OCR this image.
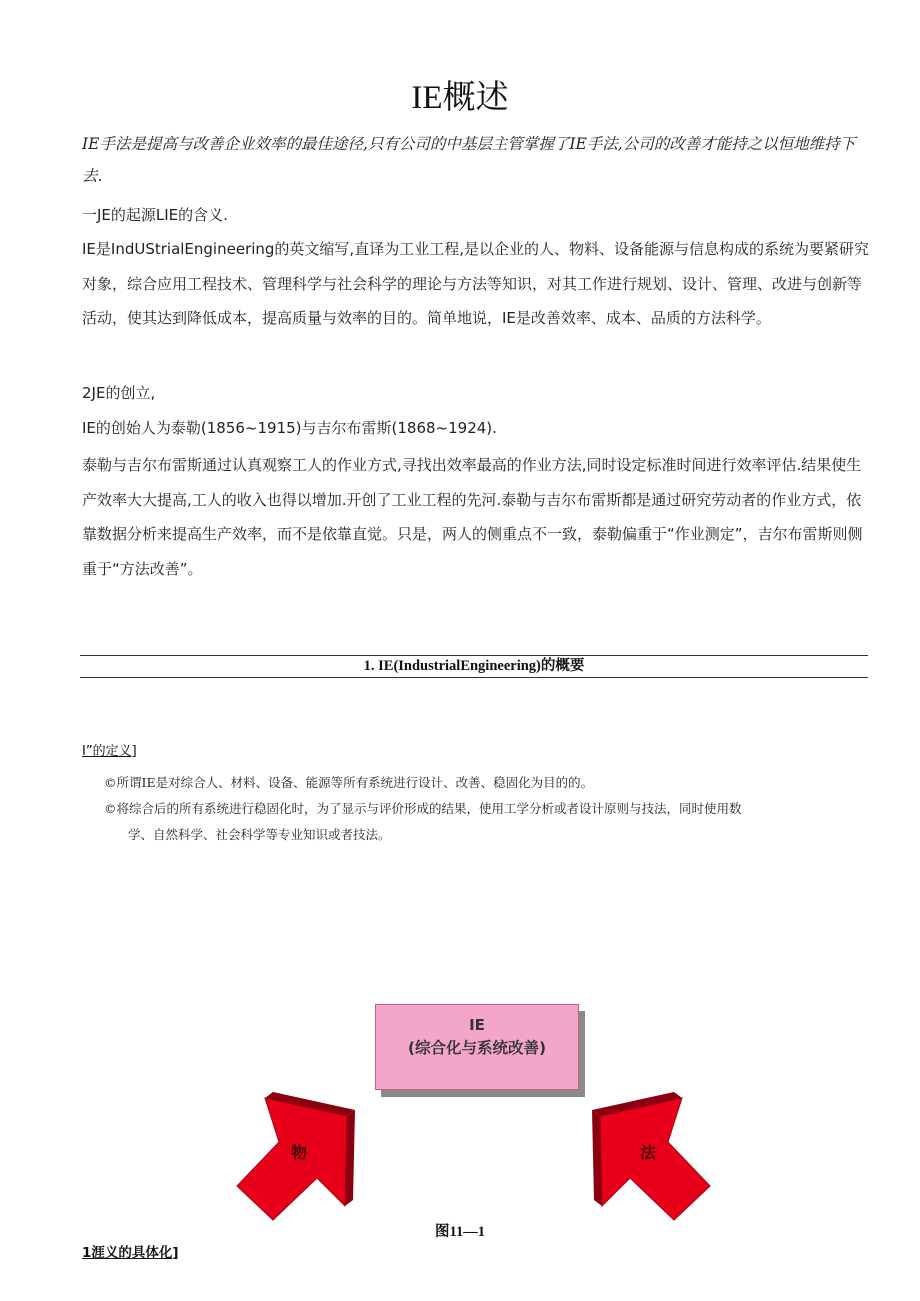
IE概述
IE手法是提高与改善企业效率的最佳途径,只有公司的中基层主管掌握了IE手法,公司的改善才能持之以恒地维持下去.
一JE的起源LIE的含义.
IE是IndUStrialEngineering的英文缩写,直译为工业工程,是以企业的人、物料、设备能源与信息构成的系统为要紧研究对象，综合应用工程技术、管理科学与社会科学的理论与方法等知识，对其工作进行规划、设计、管理、改进与创新等活动，使其达到降低成本，提高质量与效率的目的。简单地说，IE是改善效率、成本、品质的方法科学。
2JE的创立,
IE的创始人为泰勒(1856~1915)与吉尔布雷斯(1868~1924).
泰勒与吉尔布雷斯通过认真观察工人的作业方式,寻找出效率最高的作业方法,同时设定标准时间进行效率评估.结果使生产效率大大提高,工人的收入也得以增加.开创了工业工程的先河.泰勒与吉尔布雷斯都是通过研究劳动者的作业方式，依靠数据分析来提高生产效率，而不是依靠直觉。只是，两人的侧重点不一致，泰勒偏重于“作业测定”，吉尔布雷斯则侧重于“方法改善”。
1. IE(IndustrialEngineering)的概要
I”的定义]
©所谓IE是对综合人、材料、设备、能源等所有系统进行设计、改善、稳固化为目的的。
©将综合后的所有系统进行稳固化时，为了显示与评价形成的结果，使用工学分析或者设计原则与技法，同时使用数
学、自然科学、社会科学等专业知识或者技法。
IE
(综合化与系统改善)
物	法
图11—1
1涯义的具体化]
